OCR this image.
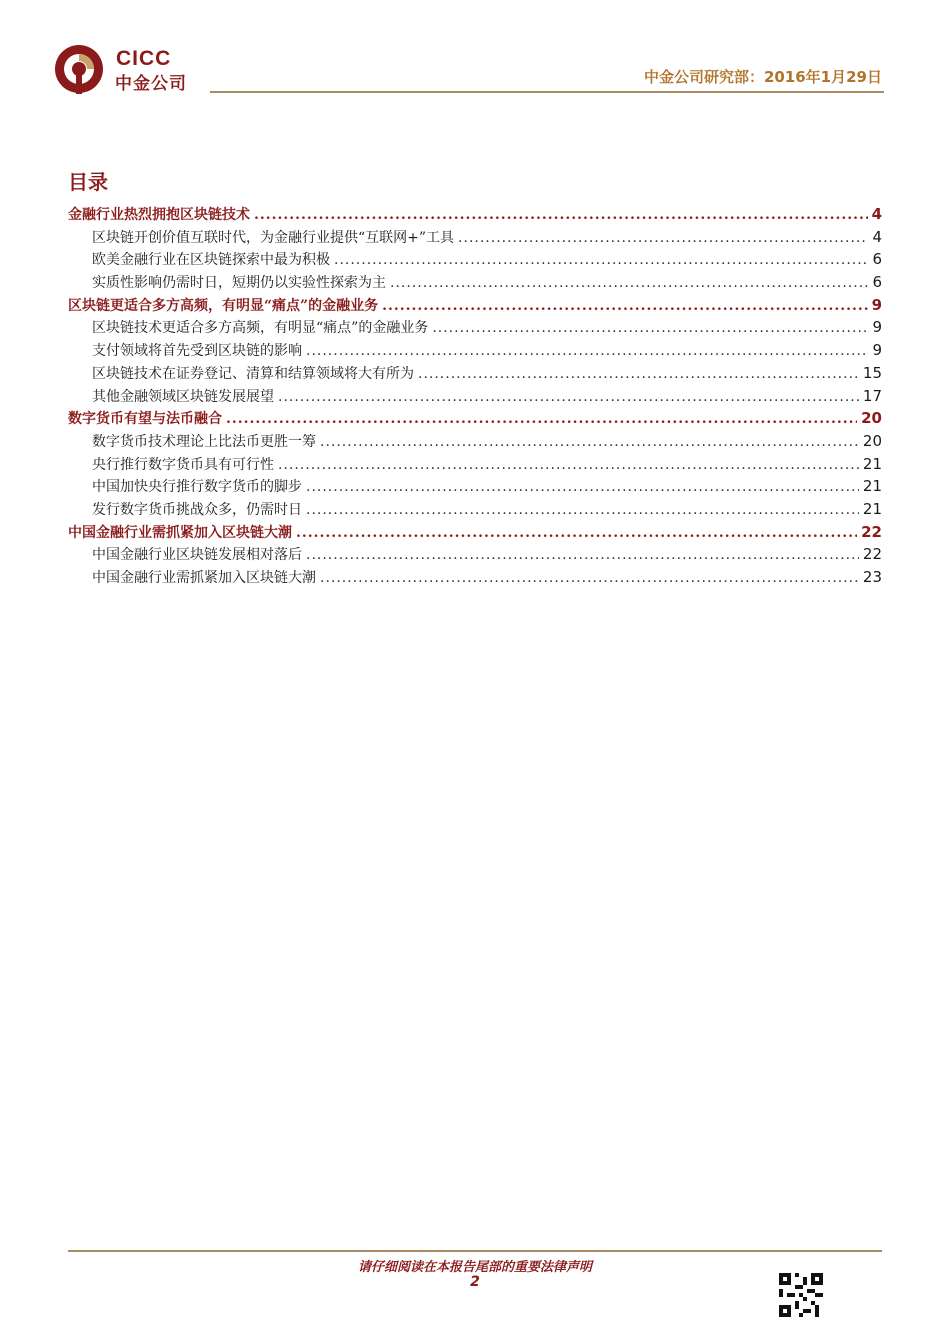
CICC
中金公司	中金公司研究部：2016年1月29日
目录
金融行业热烈拥抱区块链技术 .....	4
区块链开创价值互联时代，为金融行业提供“互联网+”工具 .....	4
欧美金融行业在区块链探索中最为积极 .....	6
实质性影响仍需时日，短期仍以实验性探索为主 .....	6
区块链更适合多方高频，有明显“痛点”的金融业务 .....	9
区块链技术更适合多方高频，有明显“痛点”的金融业务 .....	9
支付领域将首先受到区块链的影响 .....	9
区块链技术在证券登记、清算和结算领域将大有所为 .....	15
其他金融领域区块链发展展望 .....	17
数字货币有望与法币融合 .....	20
数字货币技术理论上比法币更胜一筹 .....	20
央行推行数字货币具有可行性 .....	21
中国加快央行推行数字货币的脚步 .....	21
发行数字货币挑战众多，仍需时日 .....	21
中国金融行业需抓紧加入区块链大潮 .....	22
中国金融行业区块链发展相对落后 .....	22
中国金融行业需抓紧加入区块链大潮 .....	23
请仔细阅读在本报告尾部的重要法律声明
2
